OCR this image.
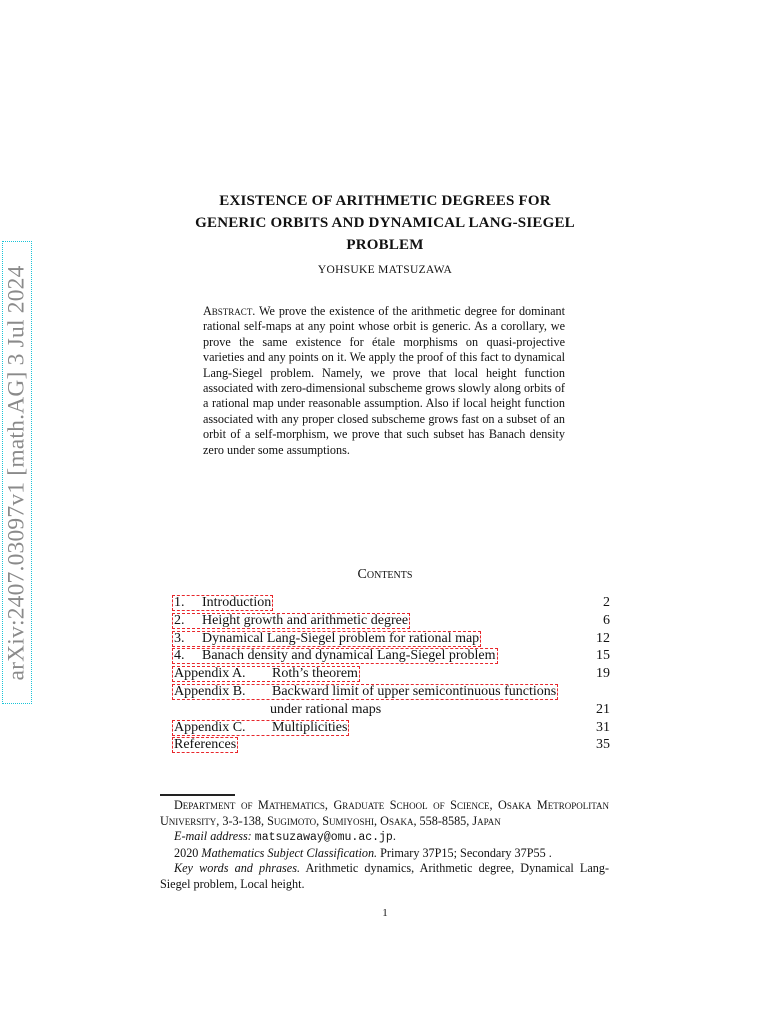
arXiv:2407.03097v1 [math.AG] 3 Jul 2024
EXISTENCE OF ARITHMETIC DEGREES FOR
GENERIC ORBITS AND DYNAMICAL LANG-SIEGEL
PROBLEM
YOHSUKE MATSUZAWA
Abstract. We prove the existence of the arithmetic degree for dominant rational self-maps at any point whose orbit is generic. As a corollary, we prove the same existence for étale morphisms on quasi-projective varieties and any points on it. We apply the proof of this fact to dynamical Lang-Siegel problem. Namely, we prove that local height function associated with zero-dimensional subscheme grows slowly along orbits of a rational map under reasonable assumption. Also if local height function associated with any proper closed subscheme grows fast on a subset of an orbit of a self-morphism, we prove that such subset has Banach density zero under some assumptions.
Contents
1. Introduction	2
2. Height growth and arithmetic degree	6
3. Dynamical Lang-Siegel problem for rational map	12
4. Banach density and dynamical Lang-Siegel problem	15
Appendix A. Roth’s theorem	19
Appendix B. Backward limit of upper semicontinuous functions
under rational maps	21
Appendix C. Multiplicities	31
References	35

Department of Mathematics, Graduate School of Science, Osaka Metropolitan University, 3-3-138, Sugimoto, Sumiyoshi, Osaka, 558-8585, Japan

E-mail address: matsuzaway@omu.ac.jp.

2020 Mathematics Subject Classification. Primary 37P15; Secondary 37P55 .

Key words and phrases. Arithmetic dynamics, Arithmetic degree, Dynamical Lang-Siegel problem, Local height.

1
